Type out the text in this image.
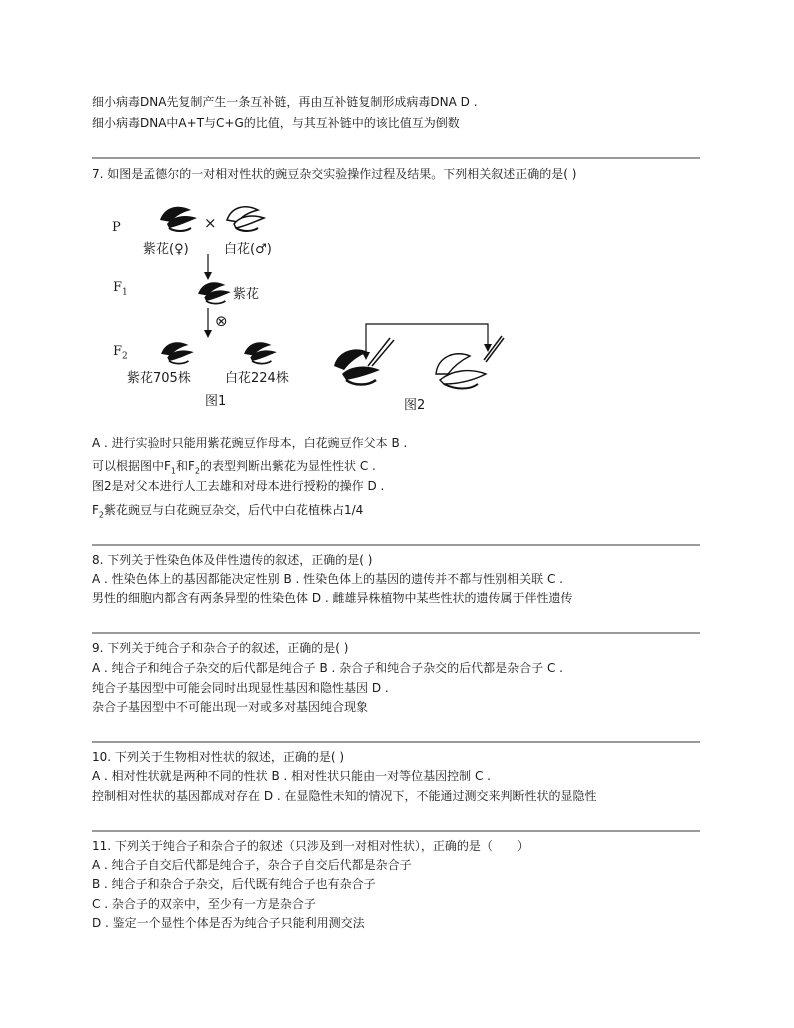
细小病毒DNA先复制产生一条互补链，再由互补链复制形成病毒DNA D .
细小病毒DNA中A+T与C+G的比值，与其互补链中的该比值互为倒数
7. 如图是孟德尔的一对相对性状的豌豆杂交实验操作过程及结果。下列相关叙述正确的是( )
P	×
紫花(♀)	白花(♂)
$F_1$	紫花
⊗
$F_2$
紫花705株	白花224株
图1	图2
A . 进行实验时只能用紫花豌豆作母本，白花豌豆作父本 B .
可以根据图中$F_1$和$F_2$的表型判断出紫花为显性性状 C .
图2是对父本进行人工去雄和对母本进行授粉的操作 D .
$F_2$紫花豌豆与白花豌豆杂交，后代中白花植株占1/4
8. 下列关于性染色体及伴性遗传的叙述，正确的是( )
A . 性染色体上的基因都能决定性别 B . 性染色体上的基因的遗传并不都与性别相关联 C .
男性的细胞内都含有两条异型的性染色体 D . 雌雄异株植物中某些性状的遗传属于伴性遗传
9. 下列关于纯合子和杂合子的叙述，正确的是( )
A . 纯合子和纯合子杂交的后代都是纯合子 B . 杂合子和纯合子杂交的后代都是杂合子 C .
纯合子基因型中可能会同时出现显性基因和隐性基因 D .
杂合子基因型中不可能出现一对或多对基因纯合现象
10. 下列关于生物相对性状的叙述，正确的是( )
A . 相对性状就是两种不同的性状 B . 相对性状只能由一对等位基因控制 C .
控制相对性状的基因都成对存在 D . 在显隐性未知的情况下，不能通过测交来判断性状的显隐性
11. 下列关于纯合子和杂合子的叙述（只涉及到一对相对性状），正确的是（　　）
A . 纯合子自交后代都是纯合子，杂合子自交后代都是杂合子
B . 纯合子和杂合子杂交，后代既有纯合子也有杂合子
C . 杂合子的双亲中，至少有一方是杂合子
D . 鉴定一个显性个体是否为纯合子只能利用测交法
